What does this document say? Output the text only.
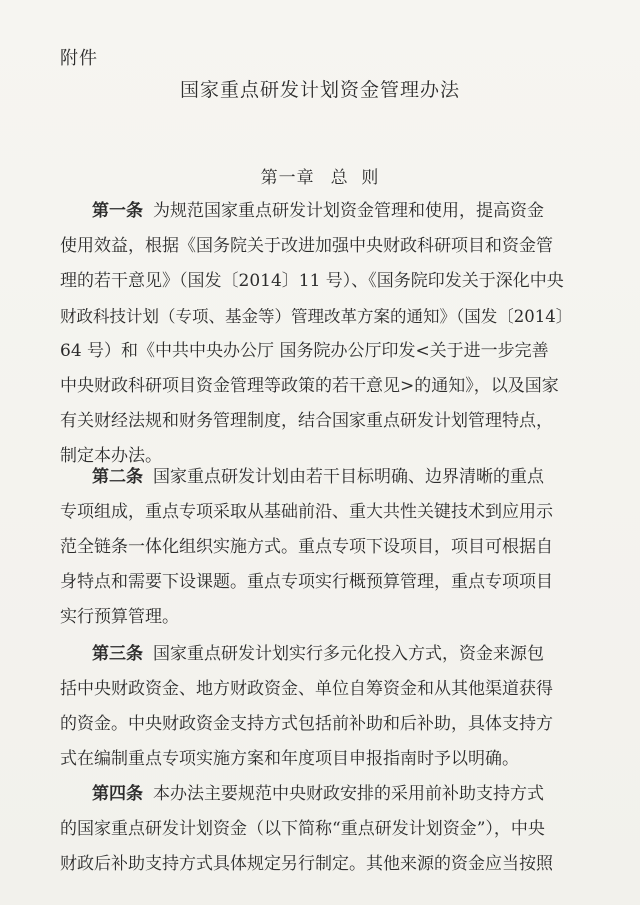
附件
国家重点研发计划资金管理办法
第一章 总  则
第一条 为规范国家重点研发计划资金管理和使用，提高资金
使用效益，根据《国务院关于改进加强中央财政科研项目和资金管
理的若干意见》（国发〔2014〕11 号）、《国务院印发关于深化中央
财政科技计划（专项、基金等）管理改革方案的通知》（国发〔2014〕
64 号）和《中共中央办公厅 国务院办公厅印发<关于进一步完善
中央财政科研项目资金管理等政策的若干意见>的通知》，以及国家
有关财经法规和财务管理制度，结合国家重点研发计划管理特点，
制定本办法。
第二条 国家重点研发计划由若干目标明确、边界清晰的重点
专项组成，重点专项采取从基础前沿、重大共性关键技术到应用示
范全链条一体化组织实施方式。重点专项下设项目，项目可根据自
身特点和需要下设课题。重点专项实行概预算管理，重点专项项目
实行预算管理。
第三条 国家重点研发计划实行多元化投入方式，资金来源包
括中央财政资金、地方财政资金、单位自筹资金和从其他渠道获得
的资金。中央财政资金支持方式包括前补助和后补助，具体支持方
式在编制重点专项实施方案和年度项目申报指南时予以明确。
第四条 本办法主要规范中央财政安排的采用前补助支持方式
的国家重点研发计划资金（以下简称“重点研发计划资金”），中央
财政后补助支持方式具体规定另行制定。其他来源的资金应当按照
